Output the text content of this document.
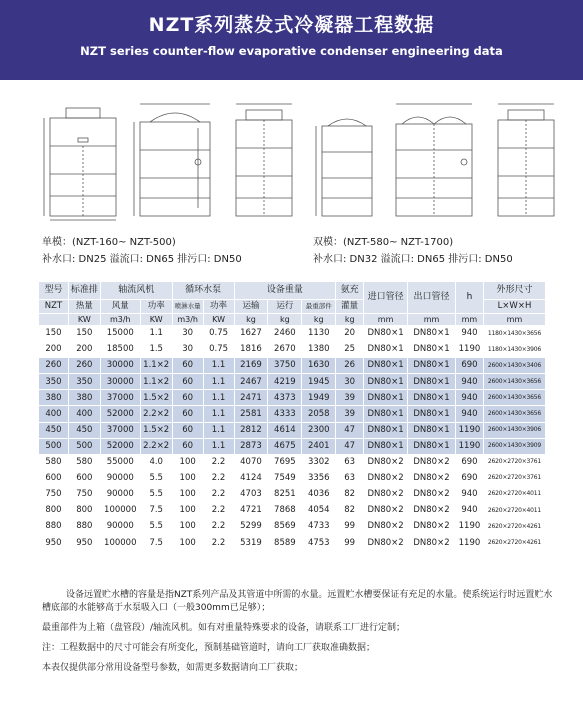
NZT系列蒸发式冷凝器工程数据
NZT series counter-flow evaporative condenser engineering data
单模：(NZT-160~ NZT-500)
补水口: DN25 溢流口: DN65 排污口: DN50
双模：(NZT-580~ NZT-1700)
补水口: DN32 溢流口: DN65 排污口: DN50
型号	标准排	轴流风机		循环水泵		设备重量			氨充	进口管径	出口管径	h	外形尺寸
NZT	热量	风量	功率	喷淋水量	功率	运输	运行	最重部件	灌量				L×W×H
	KW	m3/h	KW	m3/h	KW	kg	kg	kg	kg	mm	mm	mm	mm
150	150	15000	1.1	30	0.75	1627	2460	1130	20	DN80×1	DN80×1	940	1180×1430×3656
200	200	18500	1.5	30	0.75	1816	2670	1380	25	DN80×1	DN80×1	1190	1180×1430×3906
260	260	30000	1.1×2	60	1.1	2169	3750	1630	26	DN80×1	DN80×1	690	2600×1430×3406
350	350	30000	1.1×2	60	1.1	2467	4219	1945	30	DN80×1	DN80×1	940	2600×1430×3656
380	380	37000	1.5×2	60	1.1	2471	4373	1949	39	DN80×1	DN80×1	940	2600×1430×3656
400	400	52000	2.2×2	60	1.1	2581	4333	2058	39	DN80×1	DN80×1	940	2600×1430×3656
450	450	37000	1.5×2	60	1.1	2812	4614	2300	47	DN80×1	DN80×1	1190	2600×1430×3906
500	500	52000	2.2×2	60	1.1	2873	4675	2401	47	DN80×1	DN80×1	1190	2600×1430×3909
580	580	55000	4.0	100	2.2	4070	7695	3302	63	DN80×2	DN80×2	690	2620×2720×3761
600	600	90000	5.5	100	2.2	4124	7549	3356	63	DN80×2	DN80×2	690	2620×2720×3761
750	750	90000	5.5	100	2.2	4703	8251	4036	82	DN80×2	DN80×2	940	2620×2720×4011
800	800	100000	7.5	100	2.2	4721	7868	4054	82	DN80×2	DN80×2	940	2620×2720×4011
880	880	90000	5.5	100	2.2	5299	8569	4733	99	DN80×2	DN80×2	1190	2620×2720×4261
950	950	100000	7.5	100	2.2	5319	8589	4753	99	DN80×2	DN80×2	1190	2620×2720×4261

设备远置贮水槽的容量是指NZT系列产品及其管道中所需的水量。远置贮水槽要保证有充足的水量。使系统运行时远置贮水槽底部的水能够高于水泵吸入口（一般300mm已足够）；

最重部件为上箱（盘管段）/轴流风机。如有对重量特殊要求的设备，请联系工厂进行定制；

注：工程数据中的尺寸可能会有所变化，预制基础管道时，请向工厂获取准确数据；

本表仅提供部分常用设备型号参数，如需更多数据请向工厂获取；
